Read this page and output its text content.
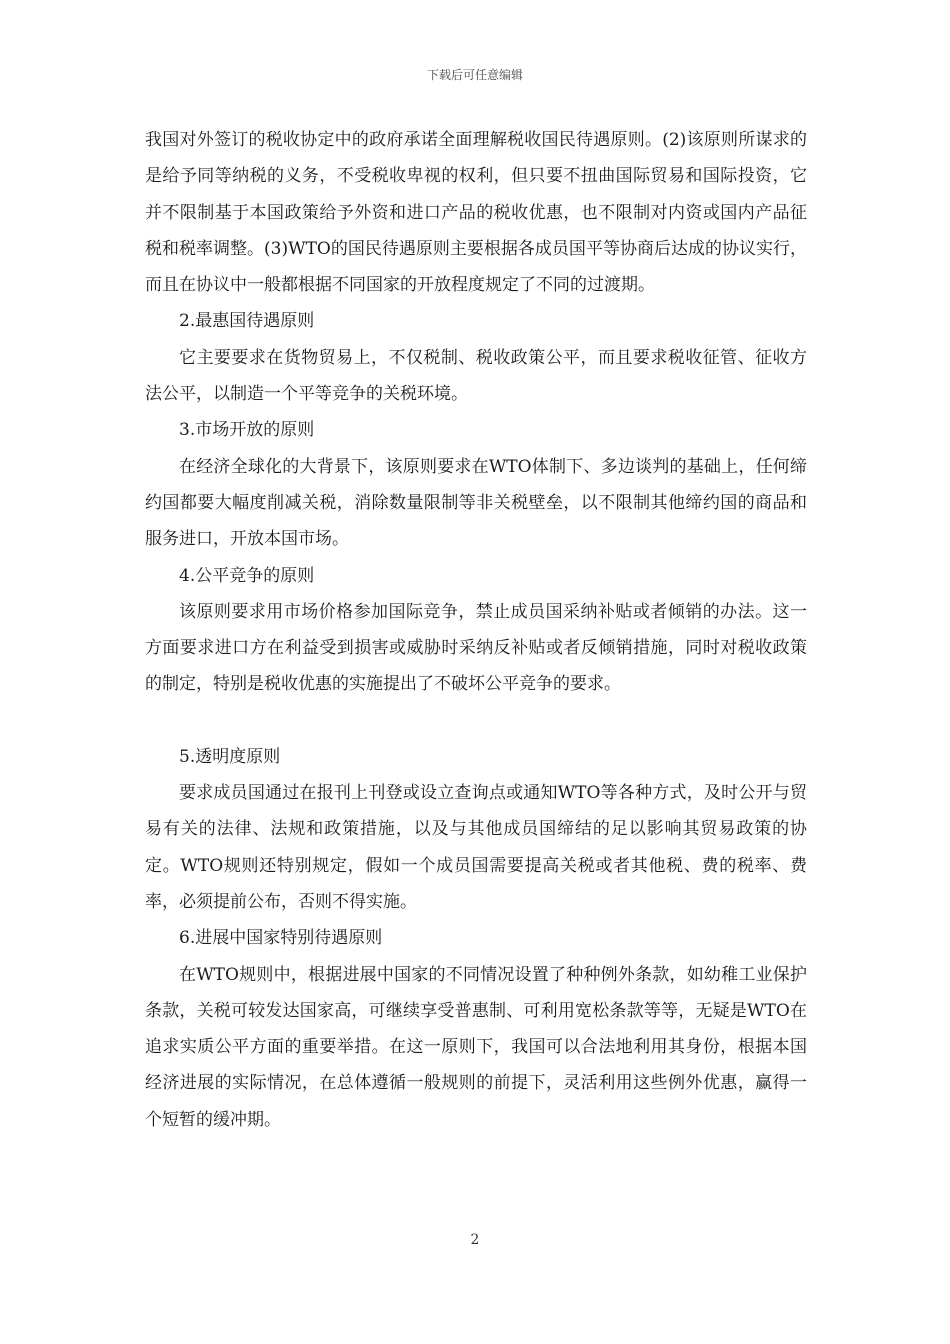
下载后可任意编辑

我国对外签订的税收协定中的政府承诺全面理解税收国民待遇原则。(2)该原则所谋求的是给予同等纳税的义务，不受税收卑视的权利，但只要不扭曲国际贸易和国际投资，它并不限制基于本国政策给予外资和进口产品的税收优惠，也不限制对内资或国内产品征税和税率调整。(3)WTO的国民待遇原则主要根据各成员国平等协商后达成的协议实行，而且在协议中一般都根据不同国家的开放程度规定了不同的过渡期。

2.最惠国待遇原则

它主要要求在货物贸易上，不仅税制、税收政策公平，而且要求税收征管、征收方法公平，以制造一个平等竞争的关税环境。

3.市场开放的原则

在经济全球化的大背景下，该原则要求在WTO体制下、多边谈判的基础上，任何缔约国都要大幅度削减关税，消除数量限制等非关税壁垒，以不限制其他缔约国的商品和服务进口，开放本国市场。

4.公平竞争的原则

该原则要求用市场价格参加国际竞争，禁止成员国采纳补贴或者倾销的办法。这一方面要求进口方在利益受到损害或威胁时采纳反补贴或者反倾销措施，同时对税收政策的制定，特别是税收优惠的实施提出了不破坏公平竞争的要求。

5.透明度原则

要求成员国通过在报刊上刊登或设立查询点或通知WTO等各种方式，及时公开与贸易有关的法律、法规和政策措施，以及与其他成员国缔结的足以影响其贸易政策的协定。WTO规则还特别规定，假如一个成员国需要提高关税或者其他税、费的税率、费率，必须提前公布，否则不得实施。

6.进展中国家特别待遇原则

在WTO规则中，根据进展中国家的不同情况设置了种种例外条款，如幼稚工业保护条款，关税可较发达国家高，可继续享受普惠制、可利用宽松条款等等，无疑是WTO在追求实质公平方面的重要举措。在这一原则下，我国可以合法地利用其身份，根据本国经济进展的实际情况，在总体遵循一般规则的前提下，灵活利用这些例外优惠，赢得一个短暂的缓冲期。

2
